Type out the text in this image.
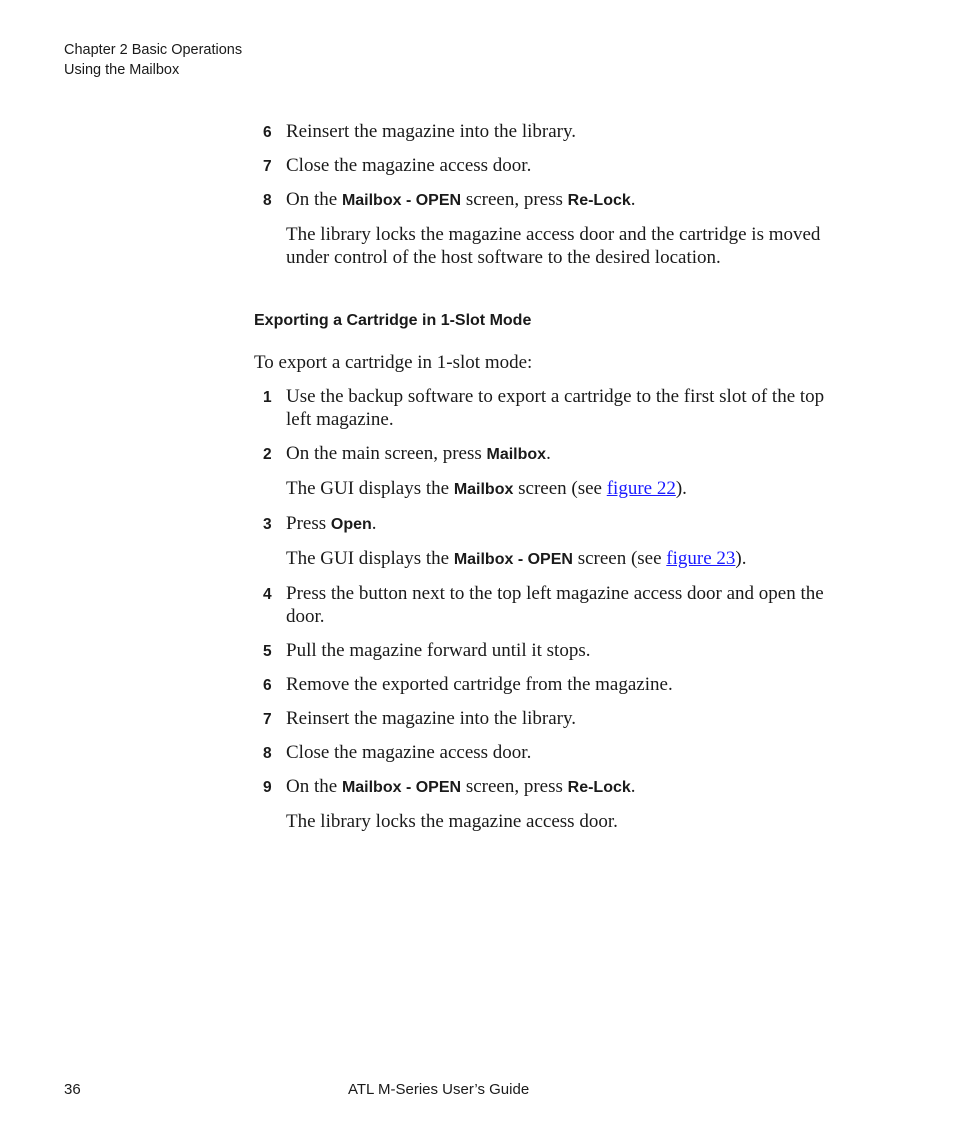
Chapter 2 Basic Operations
Using the Mailbox
6 Reinsert the magazine into the library.
7 Close the magazine access door.
8 On the Mailbox - OPEN screen, press Re-Lock.
The library locks the magazine access door and the cartridge is moved under control of the host software to the desired location.
Exporting a Cartridge in 1-Slot Mode
To export a cartridge in 1-slot mode:
1 Use the backup software to export a cartridge to the first slot of the top left magazine.
2 On the main screen, press Mailbox.
The GUI displays the Mailbox screen (see figure 22).
3 Press Open.
The GUI displays the Mailbox - OPEN screen (see figure 23).
4 Press the button next to the top left magazine access door and open the door.
5 Pull the magazine forward until it stops.
6 Remove the exported cartridge from the magazine.
7 Reinsert the magazine into the library.
8 Close the magazine access door.
9 On the Mailbox - OPEN screen, press Re-Lock.
The library locks the magazine access door.
36	ATL M-Series User’s Guide
